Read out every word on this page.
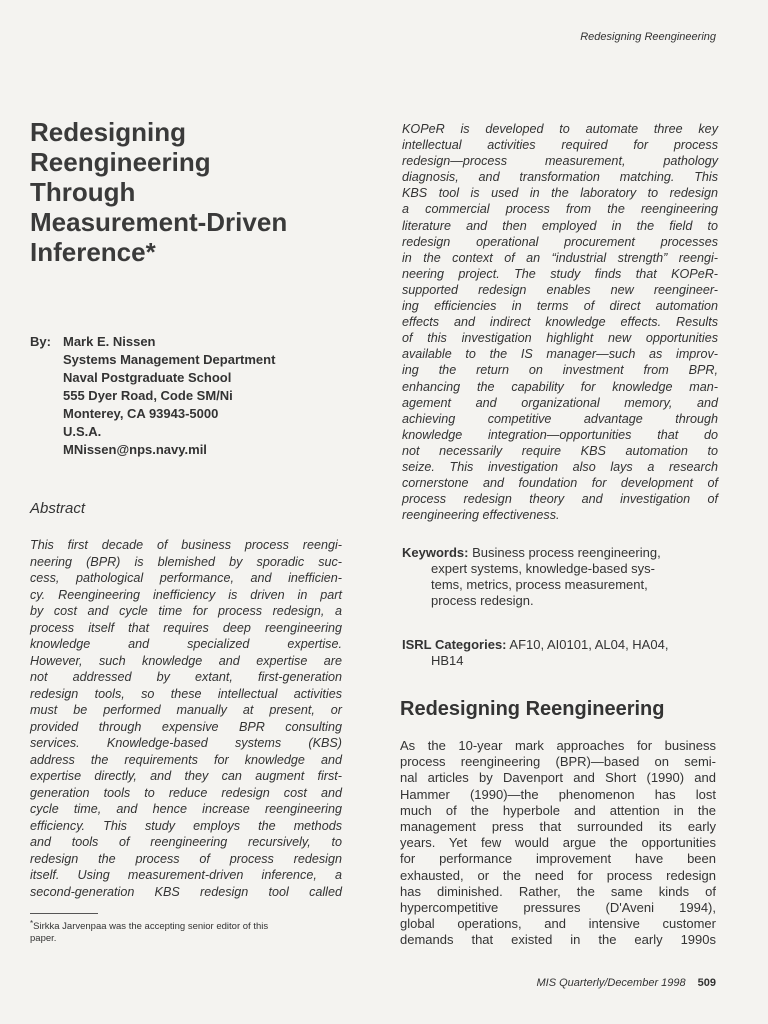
Redesigning Reengineering
Redesigning
Reengineering
Through
Measurement-Driven
Inference*
By: Mark E. Nissen
Systems Management Department
Naval Postgraduate School
555 Dyer Road, Code SM/Ni
Monterey, CA 93943-5000
U.S.A.
MNissen@nps.navy.mil
Abstract
This first decade of business process reengi-
neering (BPR) is blemished by sporadic suc-
cess, pathological performance, and inefficien-
cy. Reengineering inefficiency is driven in part
by cost and cycle time for process redesign, a
process itself that requires deep reengineering
knowledge and specialized expertise.
However, such knowledge and expertise are
not addressed by extant, first-generation
redesign tools, so these intellectual activities
must be performed manually at present, or
provided through expensive BPR consulting
services. Knowledge-based systems (KBS)
address the requirements for knowledge and
expertise directly, and they can augment first-
generation tools to reduce redesign cost and
cycle time, and hence increase reengineering
efficiency. This study employs the methods
and tools of reengineering recursively, to
redesign the process of process redesign
itself. Using measurement-driven inference, a
second-generation KBS redesign tool called
*Sirkka Jarvenpaa was the accepting senior editor of this
paper.
KOPeR is developed to automate three key
intellectual activities required for process
redesign—process measurement, pathology
diagnosis, and transformation matching. This
KBS tool is used in the laboratory to redesign
a commercial process from the reengineering
literature and then employed in the field to
redesign operational procurement processes
in the context of an “industrial strength” reengi-
neering project. The study finds that KOPeR-
supported redesign enables new reengineer-
ing efficiencies in terms of direct automation
effects and indirect knowledge effects. Results
of this investigation highlight new opportunities
available to the IS manager—such as improv-
ing the return on investment from BPR,
enhancing the capability for knowledge man-
agement and organizational memory, and
achieving competitive advantage through
knowledge integration—opportunities that do
not necessarily require KBS automation to
seize. This investigation also lays a research
cornerstone and foundation for development of
process redesign theory and investigation of
reengineering effectiveness.
Keywords: Business process reengineering,
expert systems, knowledge-based sys-
tems, metrics, process measurement,
process redesign.
ISRL Categories: AF10, AI0101, AL04, HA04,
HB14
Redesigning Reengineering
As the 10-year mark approaches for business
process reengineering (BPR)—based on semi-
nal articles by Davenport and Short (1990) and
Hammer (1990)—the phenomenon has lost
much of the hyperbole and attention in the
management press that surrounded its early
years. Yet few would argue the opportunities
for performance improvement have been
exhausted, or the need for process redesign
has diminished. Rather, the same kinds of
hypercompetitive pressures (D'Aveni 1994),
global operations, and intensive customer
demands that existed in the early 1990s
MIS Quarterly/December 1998 509
